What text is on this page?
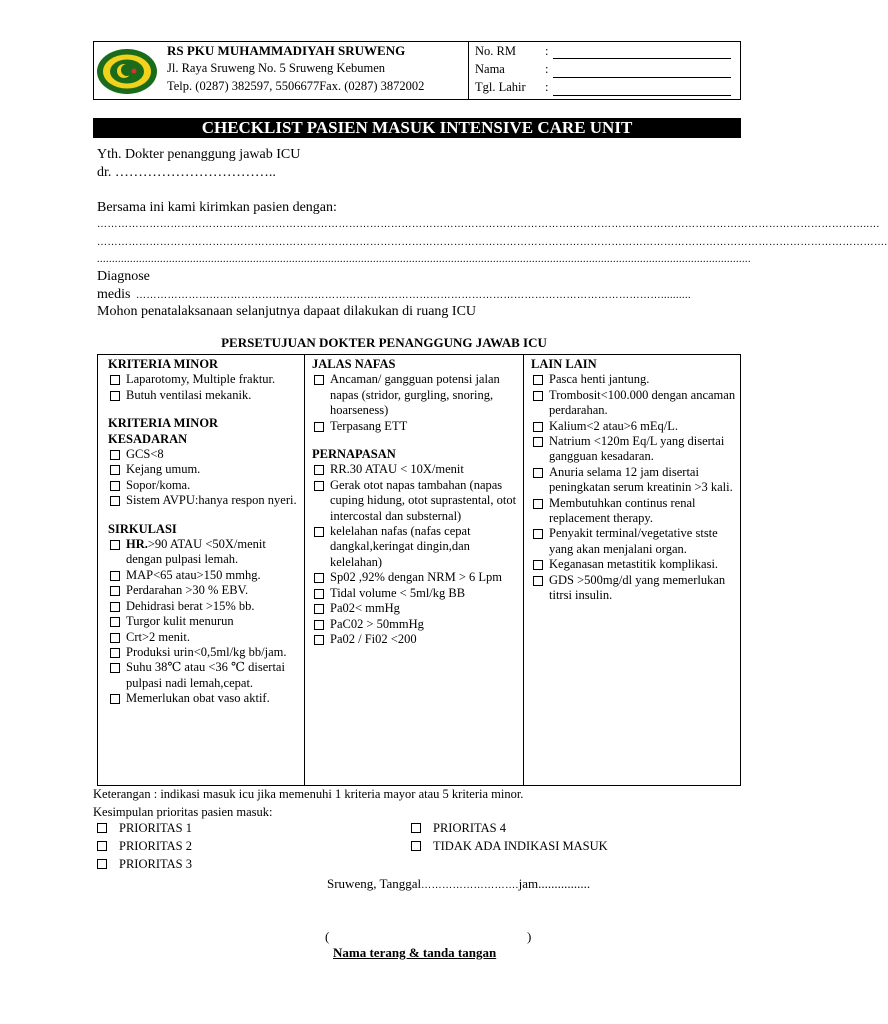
RS PKU MUHAMMADIYAH SRUWENG
Jl. Raya Sruweng No. 5 Sruweng Kebumen
Telp. (0287) 382597, 5506677Fax. (0287) 3872002
No. RM :
Nama	:
Tgl. Lahir :
CHECKLIST PASIEN MASUK INTENSIVE CARE UNIT
Yth. Dokter penanggung jawab ICU
dr. ……………………………..
Bersama ini kami kirimkan pasien dengan:
…………………………………………………………………………………………………………………………………………………………………………………………………..…
……………………………………………………………………………………………………………………………………………………………………………………………………….
..........................................................................................................................................................................................................................
Diagnose
medis ……………………………………………………………………………………………………………………………………..........
Mohon penatalaksanaan selanjutnya dapaat dilakukan di ruang ICU
PERSETUJUAN DOKTER PENANGGUNG JAWAB ICU
KRITERIA MINOR
Laparotomy, Multiple fraktur.
Butuh ventilasi mekanik.
KRITERIA MINOR
KESADARAN
GCS<8
Kejang umum.
Sopor/koma.
Sistem AVPU:hanya respon nyeri.
SIRKULASI
HR.>90 ATAU <50X/menit dengan pulpasi lemah.
MAP<65 atau>150 mmhg.
Perdarahan >30 % EBV.
Dehidrasi berat >15% bb.
Turgor kulit menurun
Crt>2 menit.
Produksi urin<0,5ml/kg bb/jam.
Suhu 38℃ atau <36 ℃ disertai pulpasi nadi lemah,cepat.
Memerlukan obat vaso aktif.
JALAS NAFAS
Ancaman/ gangguan potensi jalan napas (stridor, gurgling, snoring, hoarseness)
Terpasang ETT
PERNAPASAN
RR.30 ATAU < 10X/menit
Gerak otot napas tambahan (napas cuping hidung, otot suprastental, otot intercostal dan substernal)
kelelahan nafas (nafas cepat dangkal,keringat dingin,dan kelelahan)
Sp02 ,92% dengan NRM > 6 Lpm
Tidal volume < 5ml/kg BB
Pa02< mmHg
PaC02 > 50mmHg
Pa02 / Fi02 <200
LAIN LAIN
Pasca henti jantung.
Trombosit<100.000 dengan ancaman perdarahan.
Kalium<2 atau>6 mEq/L.
Natrium <120m Eq/L yang disertai gangguan kesadaran.
Anuria selama 12 jam disertai peningkatan serum kreatinin >3 kali.
Membutuhkan continus renal replacement therapy.
Penyakit terminal/vegetative stste yang akan menjalani organ.
Keganasan metastitik komplikasi.
GDS >500mg/dl yang memerlukan titrsi insulin.
Keterangan : indikasi masuk icu jika memenuhi 1 kriteria mayor atau 5 kriteria minor.
Kesimpulan prioritas pasien masuk:
PRIORITAS 1
PRIORITAS 2
PRIORITAS 3
PRIORITAS 4
TIDAK ADA INDIKASI MASUK
Sruweng, Tanggal……………………….jam................
(	)
Nama terang & tanda tangan
